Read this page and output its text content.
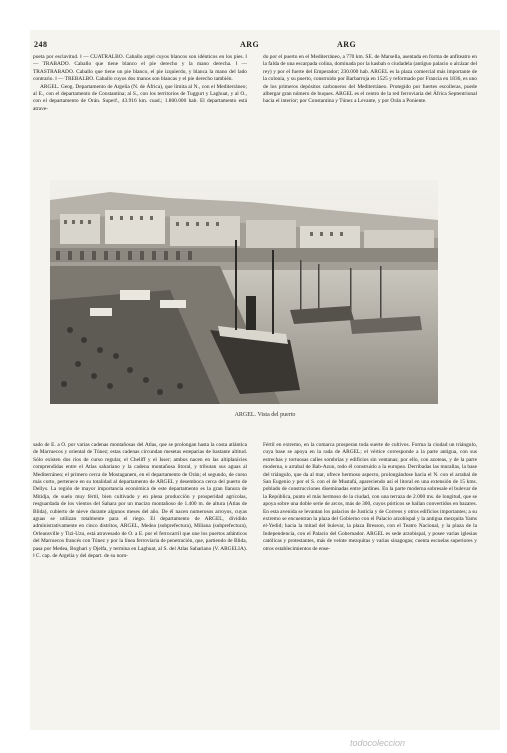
248	ARG	ARG

poeta por esclavitud. ‖ — CUATRALBO. Caballo argel cuyos blancos son idénticos en los pies. ‖ — TRABADO. Caballo que tiene blanco el pie derecho y la mano derecha. ‖ — TRASTRABADO. Caballo que tiene un pie blanco, el pie izquierdo, y blanca la mano del lado contrario. ‖ — TREBALBO. Caballo cuyos dos manos son blancas y el pie derecho también.

ARGEL. Geog. Departamento de Argelia (N. de África), que limita al N., con el Mediterráneo; al E., con el departamento de Constantina; al S., con los territorios de Tuggurt y Laghuat, y al O., con el departamento de Orán. Superf., 43.916 km. cuad.; 1.800.000 hab. El departamento está atrave-

do por el puerto en el Mediterráneo, a 770 km. SE. de Marsella, asentada en forma de anfiteatro en la falda de una escarpada colina, dominada por la kasbah o ciudadela (antiguo palacio o alcázar del rey) y por el fuerte del Emperador; 230.000 hab. ARGEL es la plaza comercial más importante de la colonia, y su puerto, construido por Barbarroja en 1525 y reformado por Francia en 1836, es uno de los primeros depósitos carboneros del Mediterráneo. Protegido por fuertes escolleras, puede albergar gran número de buques. ARGEL es el centro de la red ferroviaria del África Septentrional hacia el interior; por Constantina y Túnez a Levante, y por Orán a Poniente.

ARGEL. Vista del puerto

sado de E. a O. por varias cadenas montañosas del Atlas, que se prolongan hasta la costa atlántica de Marruecos y oriental de Túnez; estas cadenas circundan mesetas esteparias de bastante altitud. Sólo existen dos ríos de curso regular, el Cheliff y el Isser; ambos nacen en las altiplanicies comprendidas entre el Atlas sahariano y la cadena montañosa litoral, y tributan sus aguas al Mediterráneo; el primero cerca de Mostaganem, en el departamento de Orán; el segundo, de curso más corto, pertenece en su totalidad al departamento de ARGEL y desemboca cerca del puerto de Dellys. La región de mayor importancia económica de este departamento es la gran llanura de Mitidja, de suelo muy fértil, bien cultivado y en plena producción y prosperidad agrícolas, resguardada de los vientos del Sahara por un macizo montañoso de 1.400 m. de altura (Atlas de Blida), cubierto de nieve durante algunos meses del año. De él nacen numerosos arroyos, cuyas aguas se utilizan totalmente para el riego. El departamento de ARGEL, dividido administrativamente en cinco distritos, ARGEL, Medea (subprefectura), Miliana (subprefectura), Orleansville y Tizi-Uzu, está atravesado de O. a E. por el ferrocarril que une los puertos atlánticos del Marruecos francés con Túnez y por la línea ferroviaria de penetración, que, partiendo de Blida, pasa por Medea, Boghari y Djelfa, y termina en Laghuat, al S. del Atlas Sahariano (V. ARGELIA). ‖ C. cap. de Argelia y del depart. de su nom-

Fértil en extremo, en la comarca prosperan toda suerte de cultivos. Forma la ciudad un triángulo, cuya base se apoya en la rada de ARGEL; el vértice corresponde a la parte antigua, con sus estrechas y tortuosas calles sombrías y edificios sin ventanas; por ello, con azoteas, y de la parte moderna, o arrabal de Bab-Azun, todo él construido a la europea. Derribadas las murallas, la base del triángulo, que da al mar, ofrece hermoso aspecto, prolongándose hacia el N. con el arrabal de San Eugenio y por el S. con el de Mustafá, apareciendo así el litoral en una extensión de 15 kms. poblado de construcciones diseminadas entre jardines. En la parte moderna sobresale el bulevar de la República, punto el más hermoso de la ciudad, con una terraza de 2.000 ms. de longitud, que se apoya sobre una doble serie de arcos, más de 300, cuyos pórticos se hallan convertidos en bazares. En esta avenida se levantan los palacios de Justicia y de Correos y otros edificios importantes; a su extremo se encuentran la plaza del Gobierno con el Palacio arzobispal y la antigua mezquita Yams el-Yedid; hacia la mitad del bulevar, la plaza Bresson, con el Teatro Nacional, y la plaza de la Independencia, con el Palacio del Gobernador. ARGEL es sede arzobispal, y posee varias iglesias católicas y protestantes, más de veinte mezquitas y varias sinagogas; cuenta escuelas superiores y otros establecimientos de ense-

todocoleccion
